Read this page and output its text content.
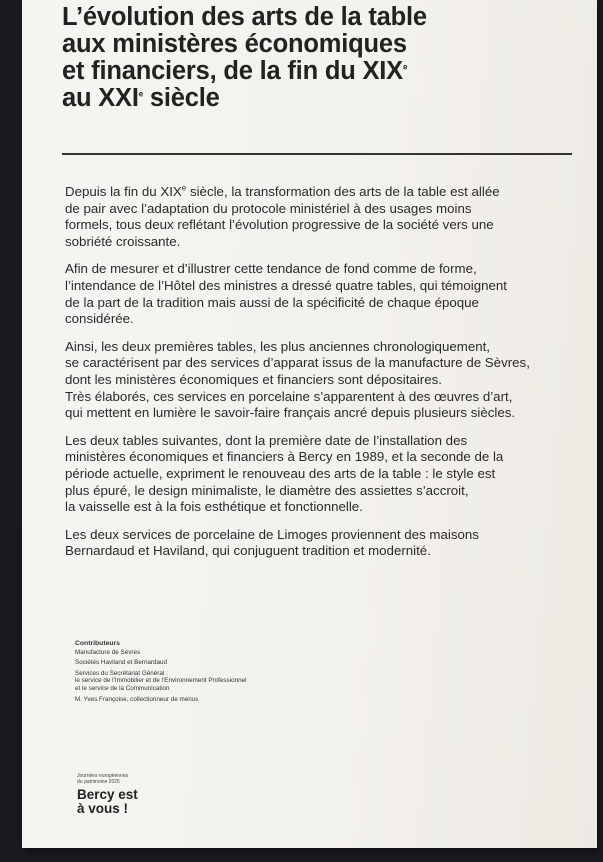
L’évolution des arts de la table
aux ministères économiques
et financiers, de la fin du XIXe
au XXIe siècle
Depuis la fin du XIXe siècle, la transformation des arts de la table est allée
de pair avec l’adaptation du protocole ministériel à des usages moins
formels, tous deux reflétant l’évolution progressive de la société vers une
sobriété croissante.
Afin de mesurer et d’illustrer cette tendance de fond comme de forme,
l’intendance de l’Hôtel des ministres a dressé quatre tables, qui témoignent
de la part de la tradition mais aussi de la spécificité de chaque époque
considérée.
Ainsi, les deux premières tables, les plus anciennes chronologiquement,
se caractérisent par des services d’apparat issus de la manufacture de Sèvres,
dont les ministères économiques et financiers sont dépositaires.
Très élaborés, ces services en porcelaine s’apparentent à des œuvres d’art,
qui mettent en lumière le savoir-faire français ancré depuis plusieurs siècles.
Les deux tables suivantes, dont la première date de l’installation des
ministères économiques et financiers à Bercy en 1989, et la seconde de la
période actuelle, expriment le renouveau des arts de la table : le style est
plus épuré, le design minimaliste, le diamètre des assiettes s’accroit,
la vaisselle est à la fois esthétique et fonctionnelle.
Les deux services de porcelaine de Limoges proviennent des maisons
Bernardaud et Haviland, qui conjuguent tradition et modernité.
Contributeurs
Manufacture de Sèvres
Sociétés Haviland et Bernardaud
Services du Secrétariat Général :
le service de l’Immobilier et de l’Environnement Professionnel
et le service de la Communication
M. Yves Françoise, collectionneur de menus
Journées européennes
du patrimoine 2025
Bercy est
à vous !
